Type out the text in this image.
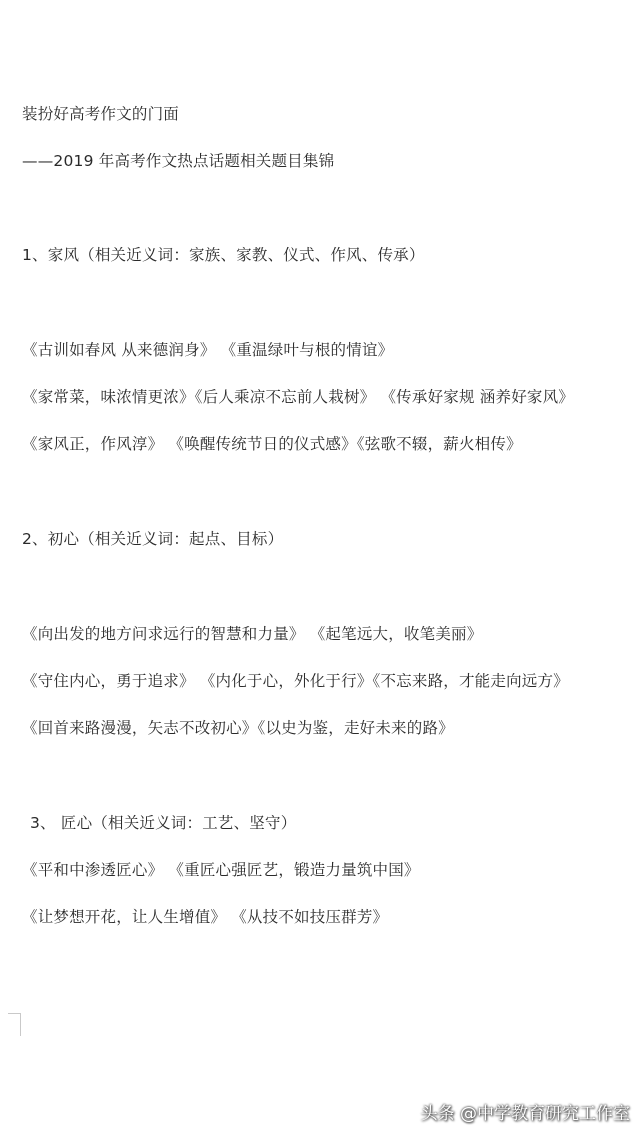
装扮好高考作文的门面
——2019 年高考作文热点话题相关题目集锦
1、家风（相关近义词：家族、家教、仪式、作风、传承）
《古训如春风 从来德润身》 《重温绿叶与根的情谊》
《家常菜，味浓情更浓》《后人乘凉不忘前人栽树》 《传承好家规 涵养好家风》
《家风正，作风淳》 《唤醒传统节日的仪式感》《弦歌不辍，薪火相传》
2、初心（相关近义词：起点、目标）
《向出发的地方问求远行的智慧和力量》 《起笔远大，收笔美丽》
《守住内心，勇于追求》 《内化于心，外化于行》《不忘来路，才能走向远方》
《回首来路漫漫，矢志不改初心》《以史为鉴，走好未来的路》
3、 匠心（相关近义词：工艺、坚守）
《平和中渗透匠心》 《重匠心强匠艺，锻造力量筑中国》
《让梦想开花，让人生增值》 《从技不如技压群芳》
头条 @中学教育研究工作室
